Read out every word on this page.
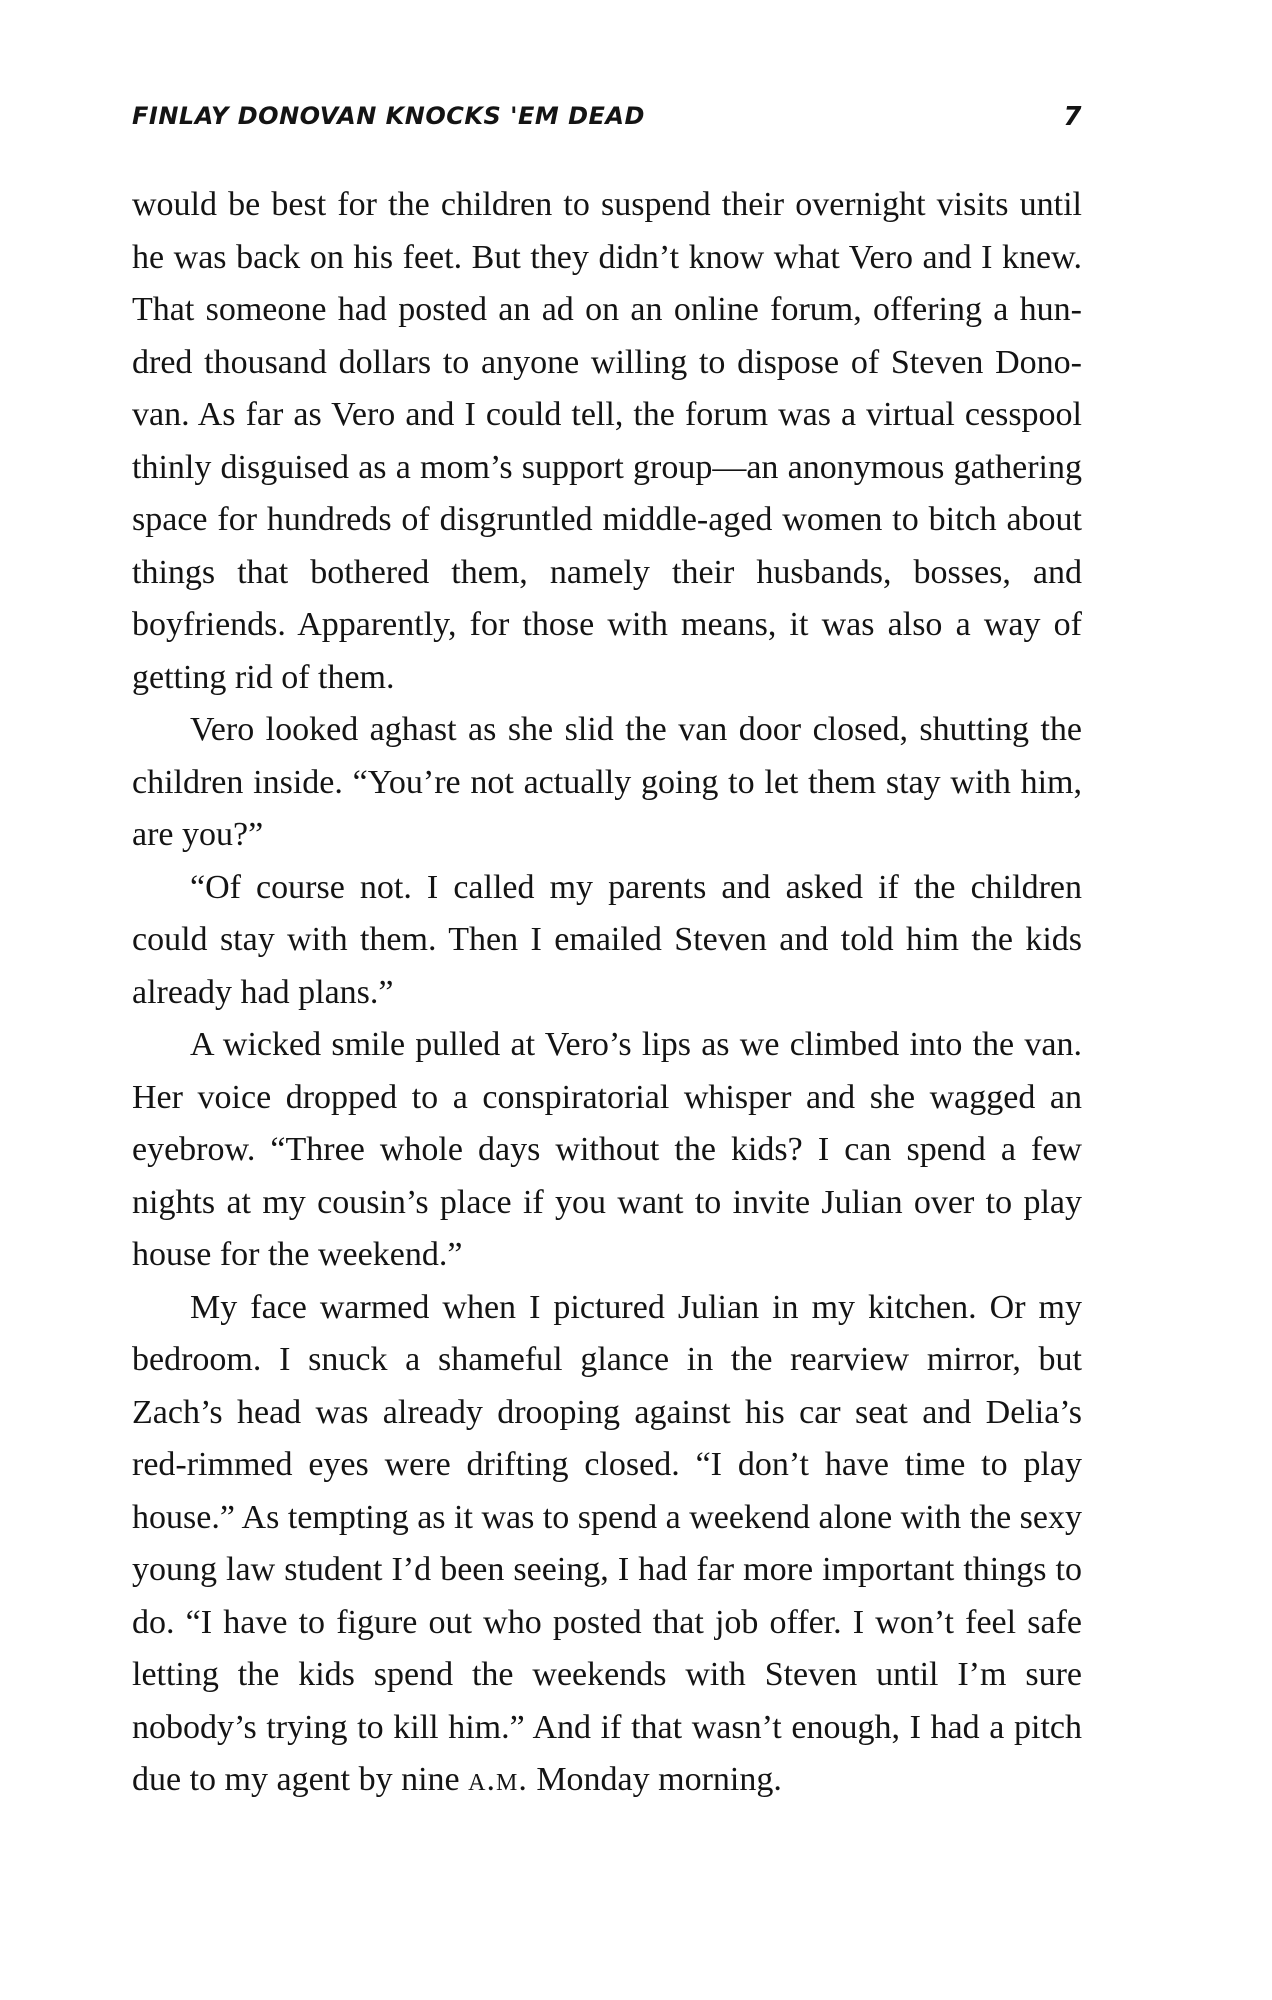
FINLAY DONOVAN KNOCKS 'EM DEAD	7

would be best for the children to suspend their overnight visits until he was back on his feet. But they didn’t know what Vero and I knew. That someone had posted an ad on an online forum, offering a hundred thousand dollars to anyone willing to dispose of Steven Donovan. As far as Vero and I could tell, the forum was a virtual cesspool thinly disguised as a mom’s support group—an anonymous gathering space for hundreds of disgruntled middle-aged women to bitch about things that bothered them, namely their husbands, bosses, and boyfriends. Apparently, for those with means, it was also a way of getting rid of them.

Vero looked aghast as she slid the van door closed, shutting the children inside. “You’re not actually going to let them stay with him, are you?”

“Of course not. I called my parents and asked if the children could stay with them. Then I emailed Steven and told him the kids already had plans.”

A wicked smile pulled at Vero’s lips as we climbed into the van. Her voice dropped to a conspiratorial whisper and she wagged an eyebrow. “Three whole days without the kids? I can spend a few nights at my cousin’s place if you want to invite Julian over to play house for the weekend.”

My face warmed when I pictured Julian in my kitchen. Or my bedroom. I snuck a shameful glance in the rearview mirror, but Zach’s head was already drooping against his car seat and Delia’s red-rimmed eyes were drifting closed. “I don’t have time to play house.” As tempting as it was to spend a weekend alone with the sexy young law student I’d been seeing, I had far more important things to do. “I have to figure out who posted that job offer. I won’t feel safe letting the kids spend the weekends with Steven until I’m sure nobody’s trying to kill him.” And if that wasn’t enough, I had a pitch due to my agent by nine a.m. Monday morning.
